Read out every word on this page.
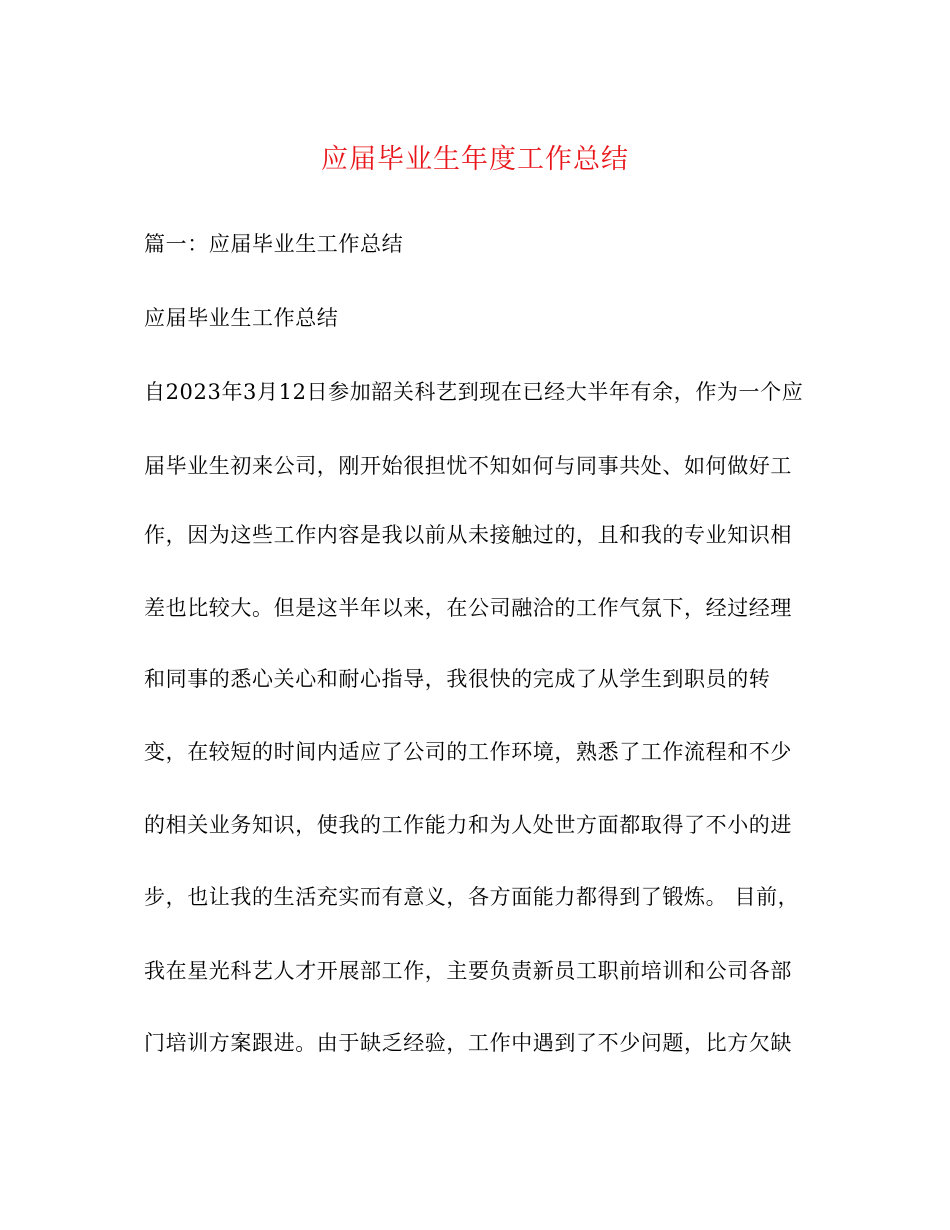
应届毕业生年度工作总结
篇一：应届毕业生工作总结
应届毕业生工作总结
自2023年3月12日参加韶关科艺到现在已经大半年有余，作为一个应
届毕业生初来公司，刚开始很担忧不知如何与同事共处、如何做好工
作，因为这些工作内容是我以前从未接触过的，且和我的专业知识相
差也比较大。但是这半年以来，在公司融洽的工作气氛下，经过经理
和同事的悉心关心和耐心指导，我很快的完成了从学生到职员的转
变，在较短的时间内适应了公司的工作环境，熟悉了工作流程和不少
的相关业务知识，使我的工作能力和为人处世方面都取得了不小的进
步，也让我的生活充实而有意义，各方面能力都得到了锻炼。 目前，
我在星光科艺人才开展部工作，主要负责新员工职前培训和公司各部
门培训方案跟进。由于缺乏经验，工作中遇到了不少问题，比方欠缺
